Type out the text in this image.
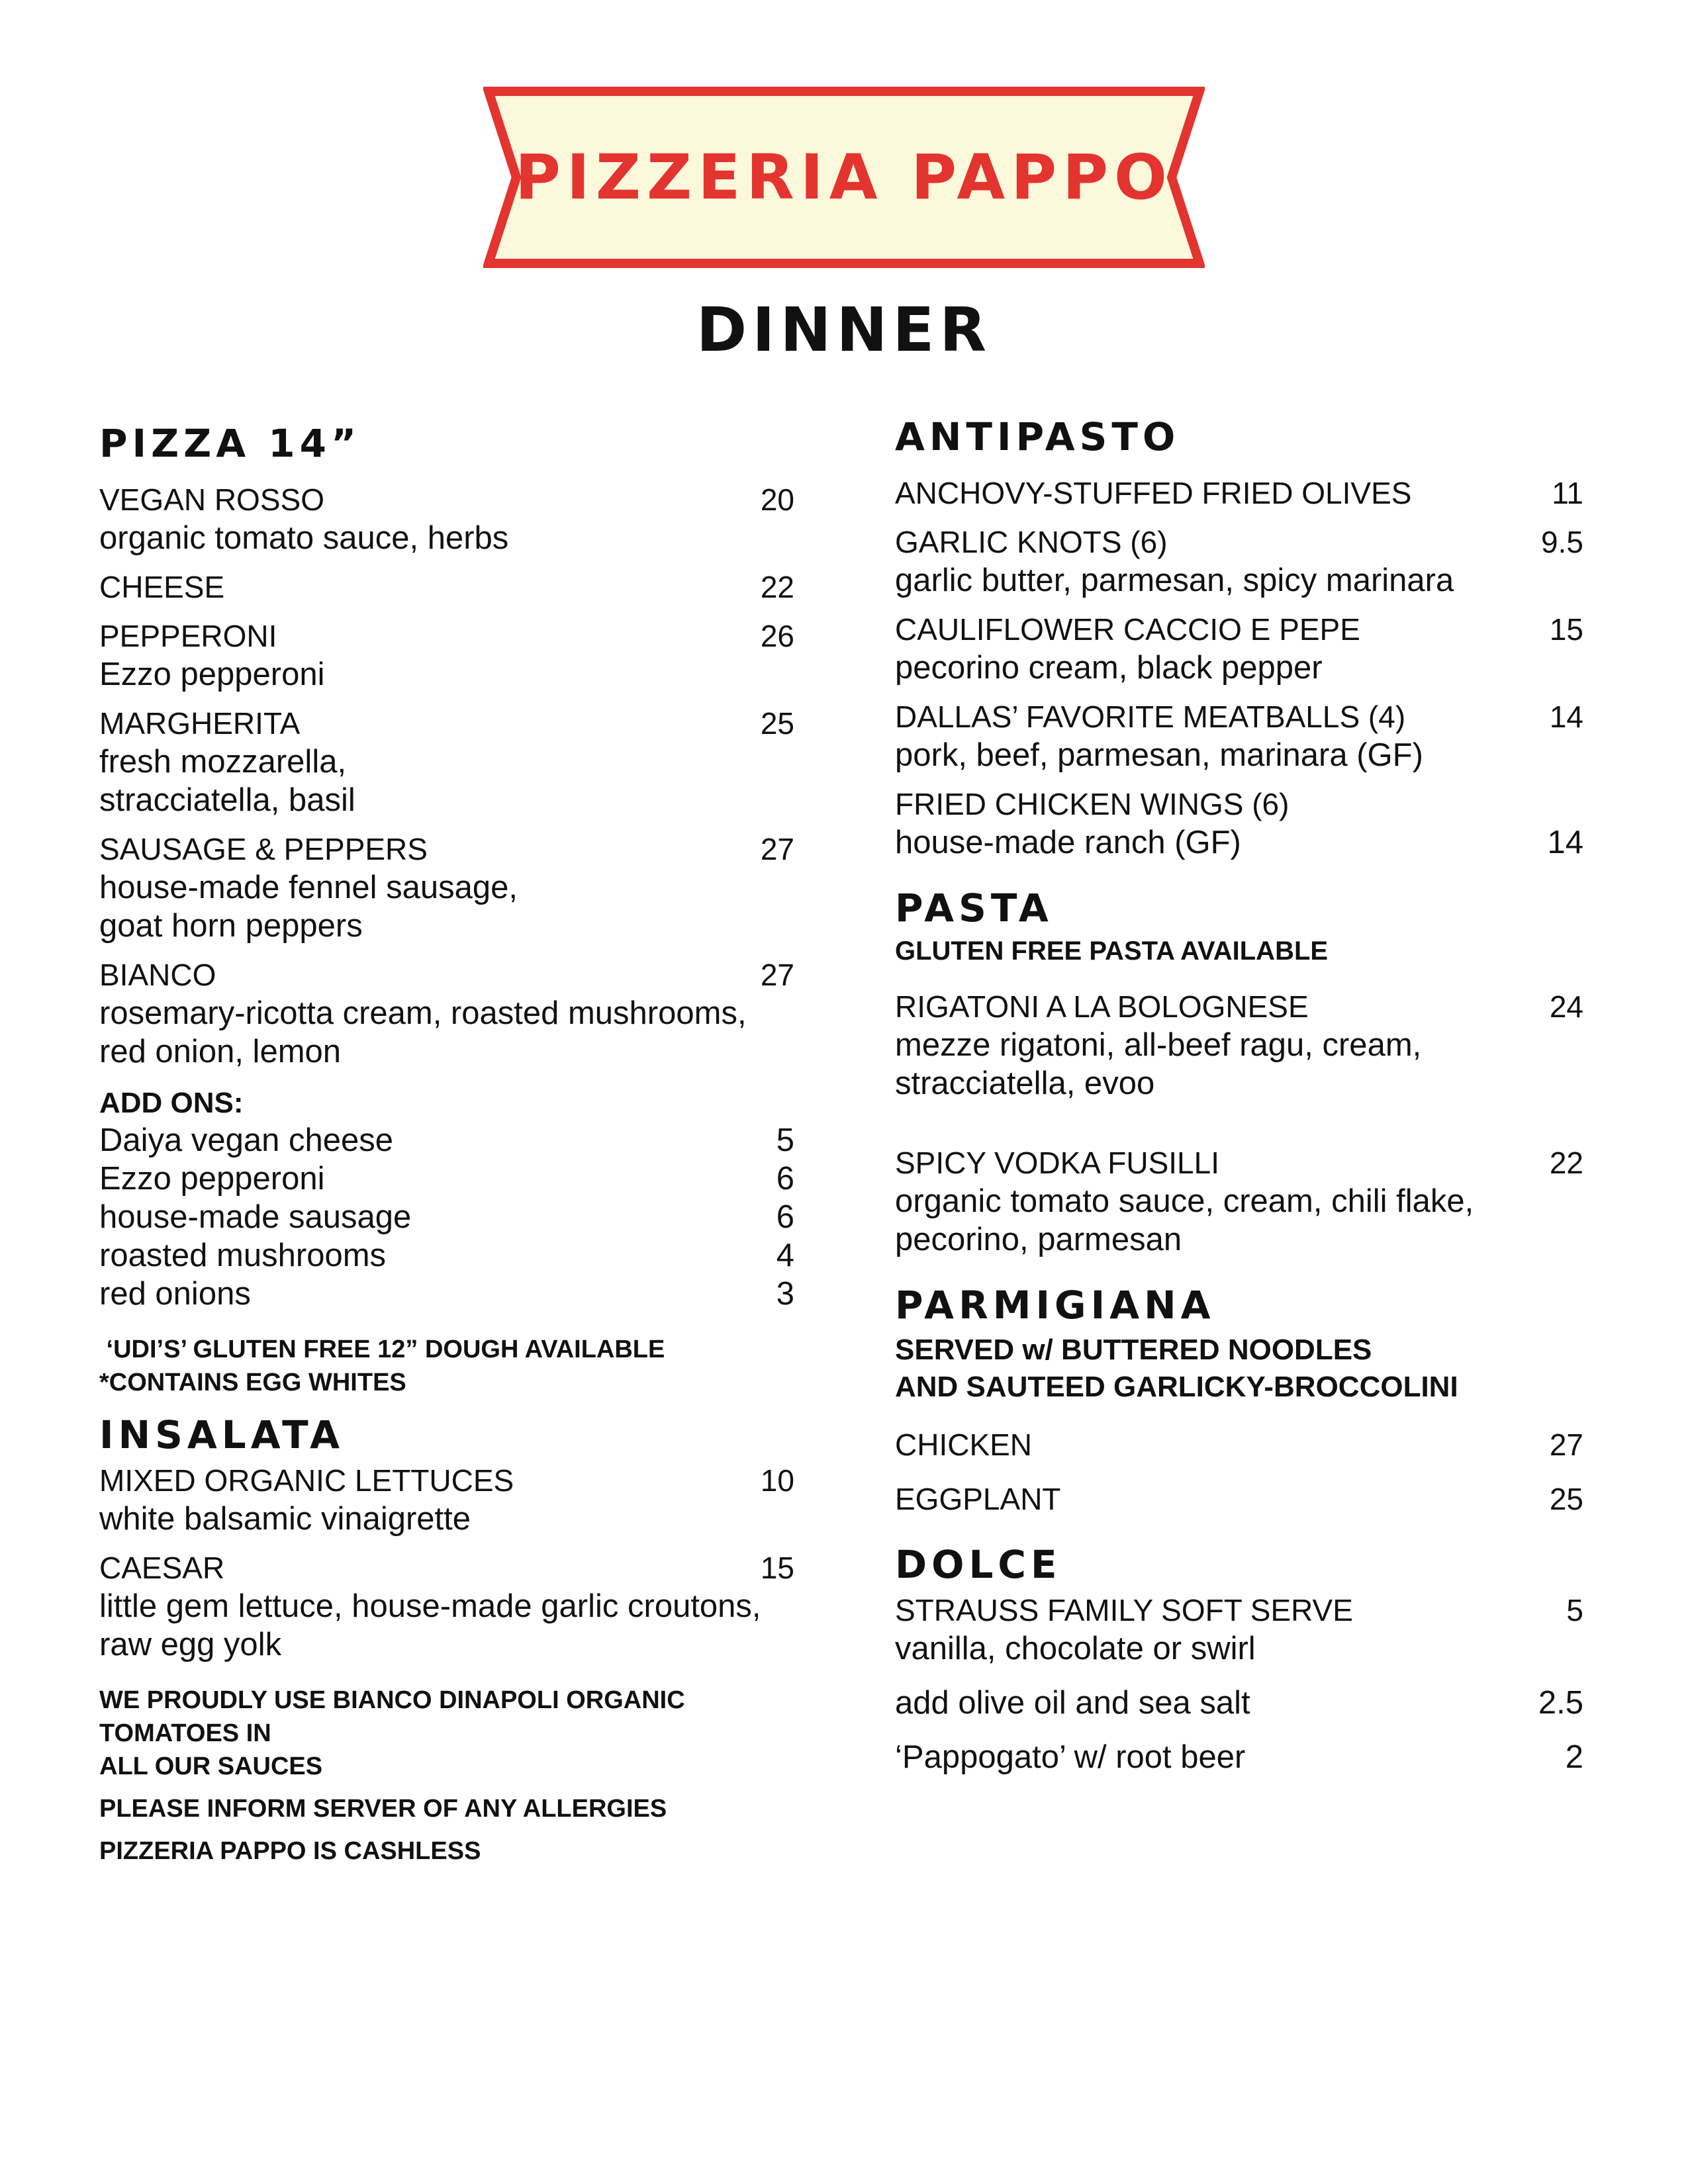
PIZZERIA PAPPO
DINNER
PIZZA 14”
VEGAN ROSSO	20
organic tomato sauce, herbs
CHEESE	22
PEPPERONI	26
Ezzo pepperoni
MARGHERITA	25
fresh mozzarella,
stracciatella, basil
SAUSAGE & PEPPERS	27
house-made fennel sausage,
goat horn peppers
BIANCO	27
rosemary-ricotta cream, roasted mushrooms,
red onion, lemon
ADD ONS:
Daiya vegan cheese	5
Ezzo pepperoni	6
house-made sausage	6
roasted mushrooms	4
red onions	3
‘UDI’S’ GLUTEN FREE 12” DOUGH AVAILABLE
*CONTAINS EGG WHITES
INSALATA
MIXED ORGANIC LETTUCES	10
white balsamic vinaigrette
CAESAR	15
little gem lettuce, house-made garlic croutons,
raw egg yolk
WE PROUDLY USE BIANCO DINAPOLI ORGANIC TOMATOES IN
ALL OUR SAUCES
PLEASE INFORM SERVER OF ANY ALLERGIES
PIZZERIA PAPPO IS CASHLESS
ANTIPASTO
ANCHOVY-STUFFED FRIED OLIVES	11
GARLIC KNOTS (6)	9.5
garlic butter, parmesan, spicy marinara
CAULIFLOWER CACCIO E PEPE	15
pecorino cream, black pepper
DALLAS’ FAVORITE MEATBALLS (4)	14
pork, beef, parmesan, marinara (GF)
FRIED CHICKEN WINGS (6)
house-made ranch (GF)	14
PASTA
GLUTEN FREE PASTA AVAILABLE
RIGATONI A LA BOLOGNESE	24
mezze rigatoni, all-beef ragu, cream,
stracciatella, evoo
SPICY VODKA FUSILLI	22
organic tomato sauce, cream, chili flake,
pecorino, parmesan
PARMIGIANA
SERVED w/ BUTTERED NOODLES
AND SAUTEED GARLICKY-BROCCOLINI
CHICKEN	27
EGGPLANT	25
DOLCE
STRAUSS FAMILY SOFT SERVE	5
vanilla, chocolate or swirl
add olive oil and sea salt	2.5
‘Pappogato’ w/ root beer	2
